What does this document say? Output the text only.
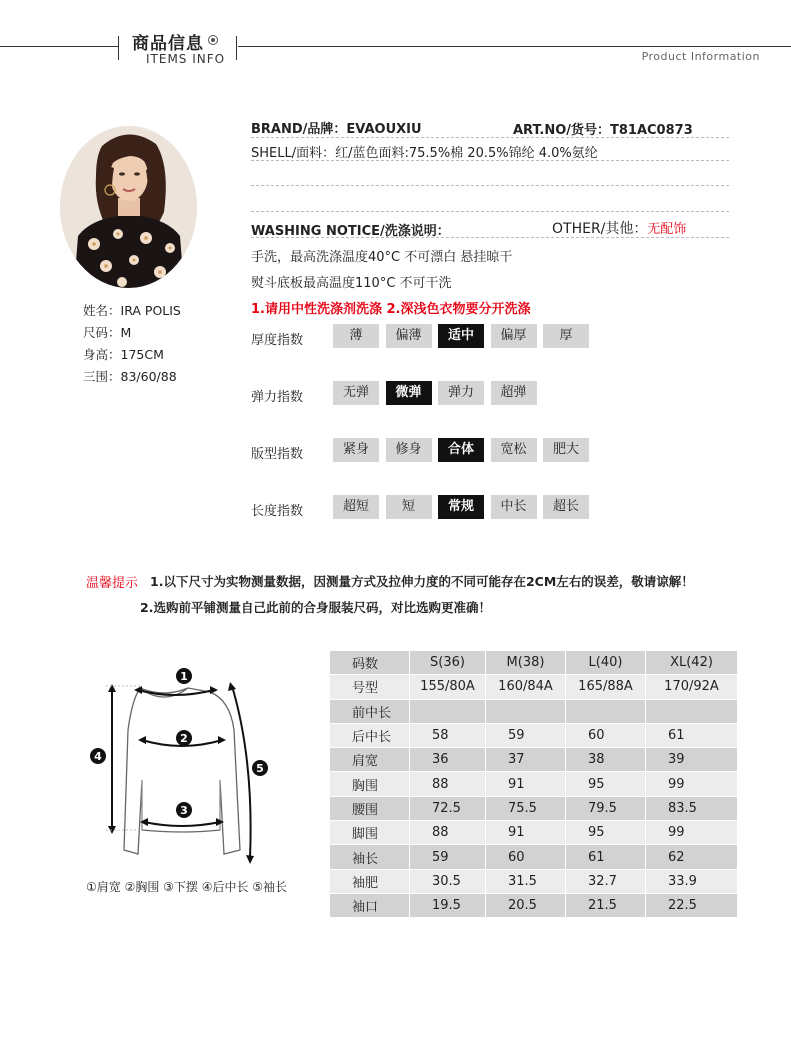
商品信息
ITEMS INFO	Product Information
姓名：IRA POLIS
尺码：M
身高：175CM
三围：83/60/88
BRAND/品牌：EVAOUXIU	ART.NO/货号：T81AC0873
SHELL/面料：红/蓝色面料:75.5%棉 20.5%锦纶 4.0%氨纶
WASHING NOTICE/洗涤说明：	OTHER/其他：无配饰
手洗，最高洗涤温度40°C 不可漂白 悬挂晾干
熨斗底板最高温度110°C 不可干洗
1.请用中性洗涤剂洗涤 2.深浅色衣物要分开洗涤
厚度指数	薄	偏薄	适中	偏厚	厚
弹力指数	无弹	微弹	弹力	超弹
版型指数	紧身	修身	合体	宽松	肥大
长度指数	超短	短	常规	中长	超长
温馨提示 1.以下尺寸为实物测量数据，因测量方式及拉伸力度的不同可能存在2CM左右的误差，敬请谅解！
2.选购前平铺测量自己此前的合身服装尺码，对比选购更准确！
1
2
3
4
5
①肩宽 ②胸围 ③下摆 ④后中长 ⑤袖长
码数	S(36)	M(38)	L(40)	XL(42)
号型	155/80A	160/84A	165/88A	170/92A
前中长				
后中长	58	59	60	61
肩宽	36	37	38	39
胸围	88	91	95	99
腰围	72.5	75.5	79.5	83.5
脚围	88	91	95	99
袖长	59	60	61	62
袖肥	30.5	31.5	32.7	33.9
袖口	19.5	20.5	21.5	22.5
